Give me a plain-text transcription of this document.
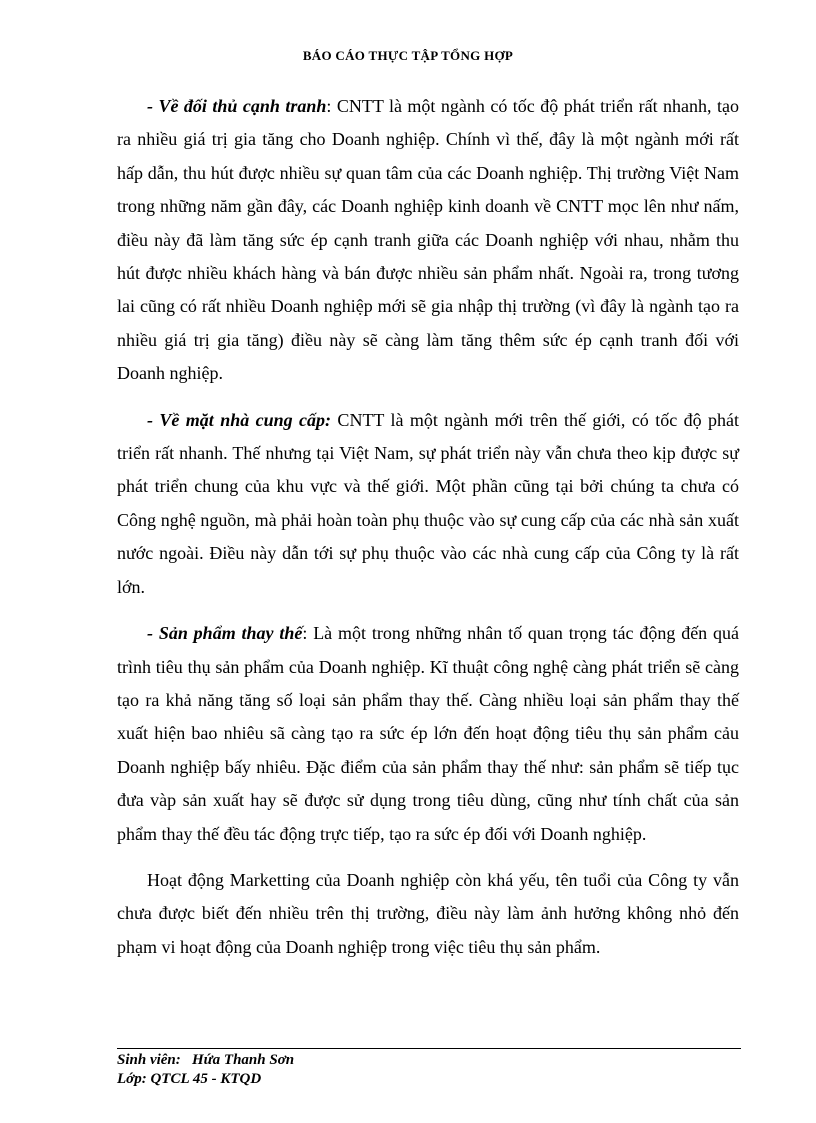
BÁO CÁO THỰC TẬP TỔNG HỢP

- Về đối thủ cạnh tranh: CNTT là một ngành có tốc độ phát triển rất nhanh, tạo ra nhiều giá trị gia tăng cho Doanh nghiệp. Chính vì thế, đây là một ngành mới rất hấp dẫn, thu hút được nhiều sự quan tâm của các Doanh nghiệp. Thị trường Việt Nam trong những năm gần đây, các Doanh nghiệp kinh doanh về CNTT mọc lên như nấm, điều này đã làm tăng sức ép cạnh tranh giữa các Doanh nghiệp với nhau, nhằm thu hút được nhiều khách hàng và bán được nhiều sản phẩm nhất. Ngoài ra, trong tương lai cũng có rất nhiều Doanh nghiệp mới sẽ gia nhập thị trường (vì đây là ngành tạo ra nhiều giá trị gia tăng) điều này sẽ càng làm tăng thêm sức ép cạnh tranh đối với Doanh nghiệp.

- Về mặt nhà cung cấp: CNTT là một ngành mới trên thế giới, có tốc độ phát triển rất nhanh. Thế nhưng tại Việt Nam, sự phát triển này vẫn chưa theo kịp được sự phát triển chung của khu vực và thế giới. Một phần cũng tại bởi chúng ta chưa có Công nghệ nguồn, mà phải hoàn toàn phụ thuộc vào sự cung cấp của các nhà sản xuất nước ngoài. Điều này dẫn tới sự phụ thuộc vào các nhà cung cấp của Công ty là rất lớn.

- Sản phẩm thay thế: Là một trong những nhân tố quan trọng tác động đến quá trình tiêu thụ sản phẩm của Doanh nghiệp. Kĩ thuật công nghệ càng phát triển sẽ càng tạo ra khả năng tăng số loại sản phẩm thay thế. Càng nhiều loại sản phẩm thay thế xuất hiện bao nhiêu sã càng tạo ra sức ép lớn đến hoạt động tiêu thụ sản phẩm cảu Doanh nghiệp bấy nhiêu. Đặc điểm của sản phẩm thay thế như: sản phẩm sẽ tiếp tục đưa vàp sản xuất hay sẽ được sử dụng trong tiêu dùng, cũng như tính chất của sản phẩm thay thế đều tác động trực tiếp, tạo ra sức ép đối với Doanh nghiệp.

Hoạt động Marketting của Doanh nghiệp còn khá yếu, tên tuổi của Công ty vẫn chưa được biết đến nhiều trên thị trường, điều này làm ảnh hưởng không nhỏ đến phạm vi hoạt động của Doanh nghiệp trong việc tiêu thụ sản phẩm.

Sinh viên: Hứa Thanh Sơn
Lớp: QTCL 45 - KTQD
